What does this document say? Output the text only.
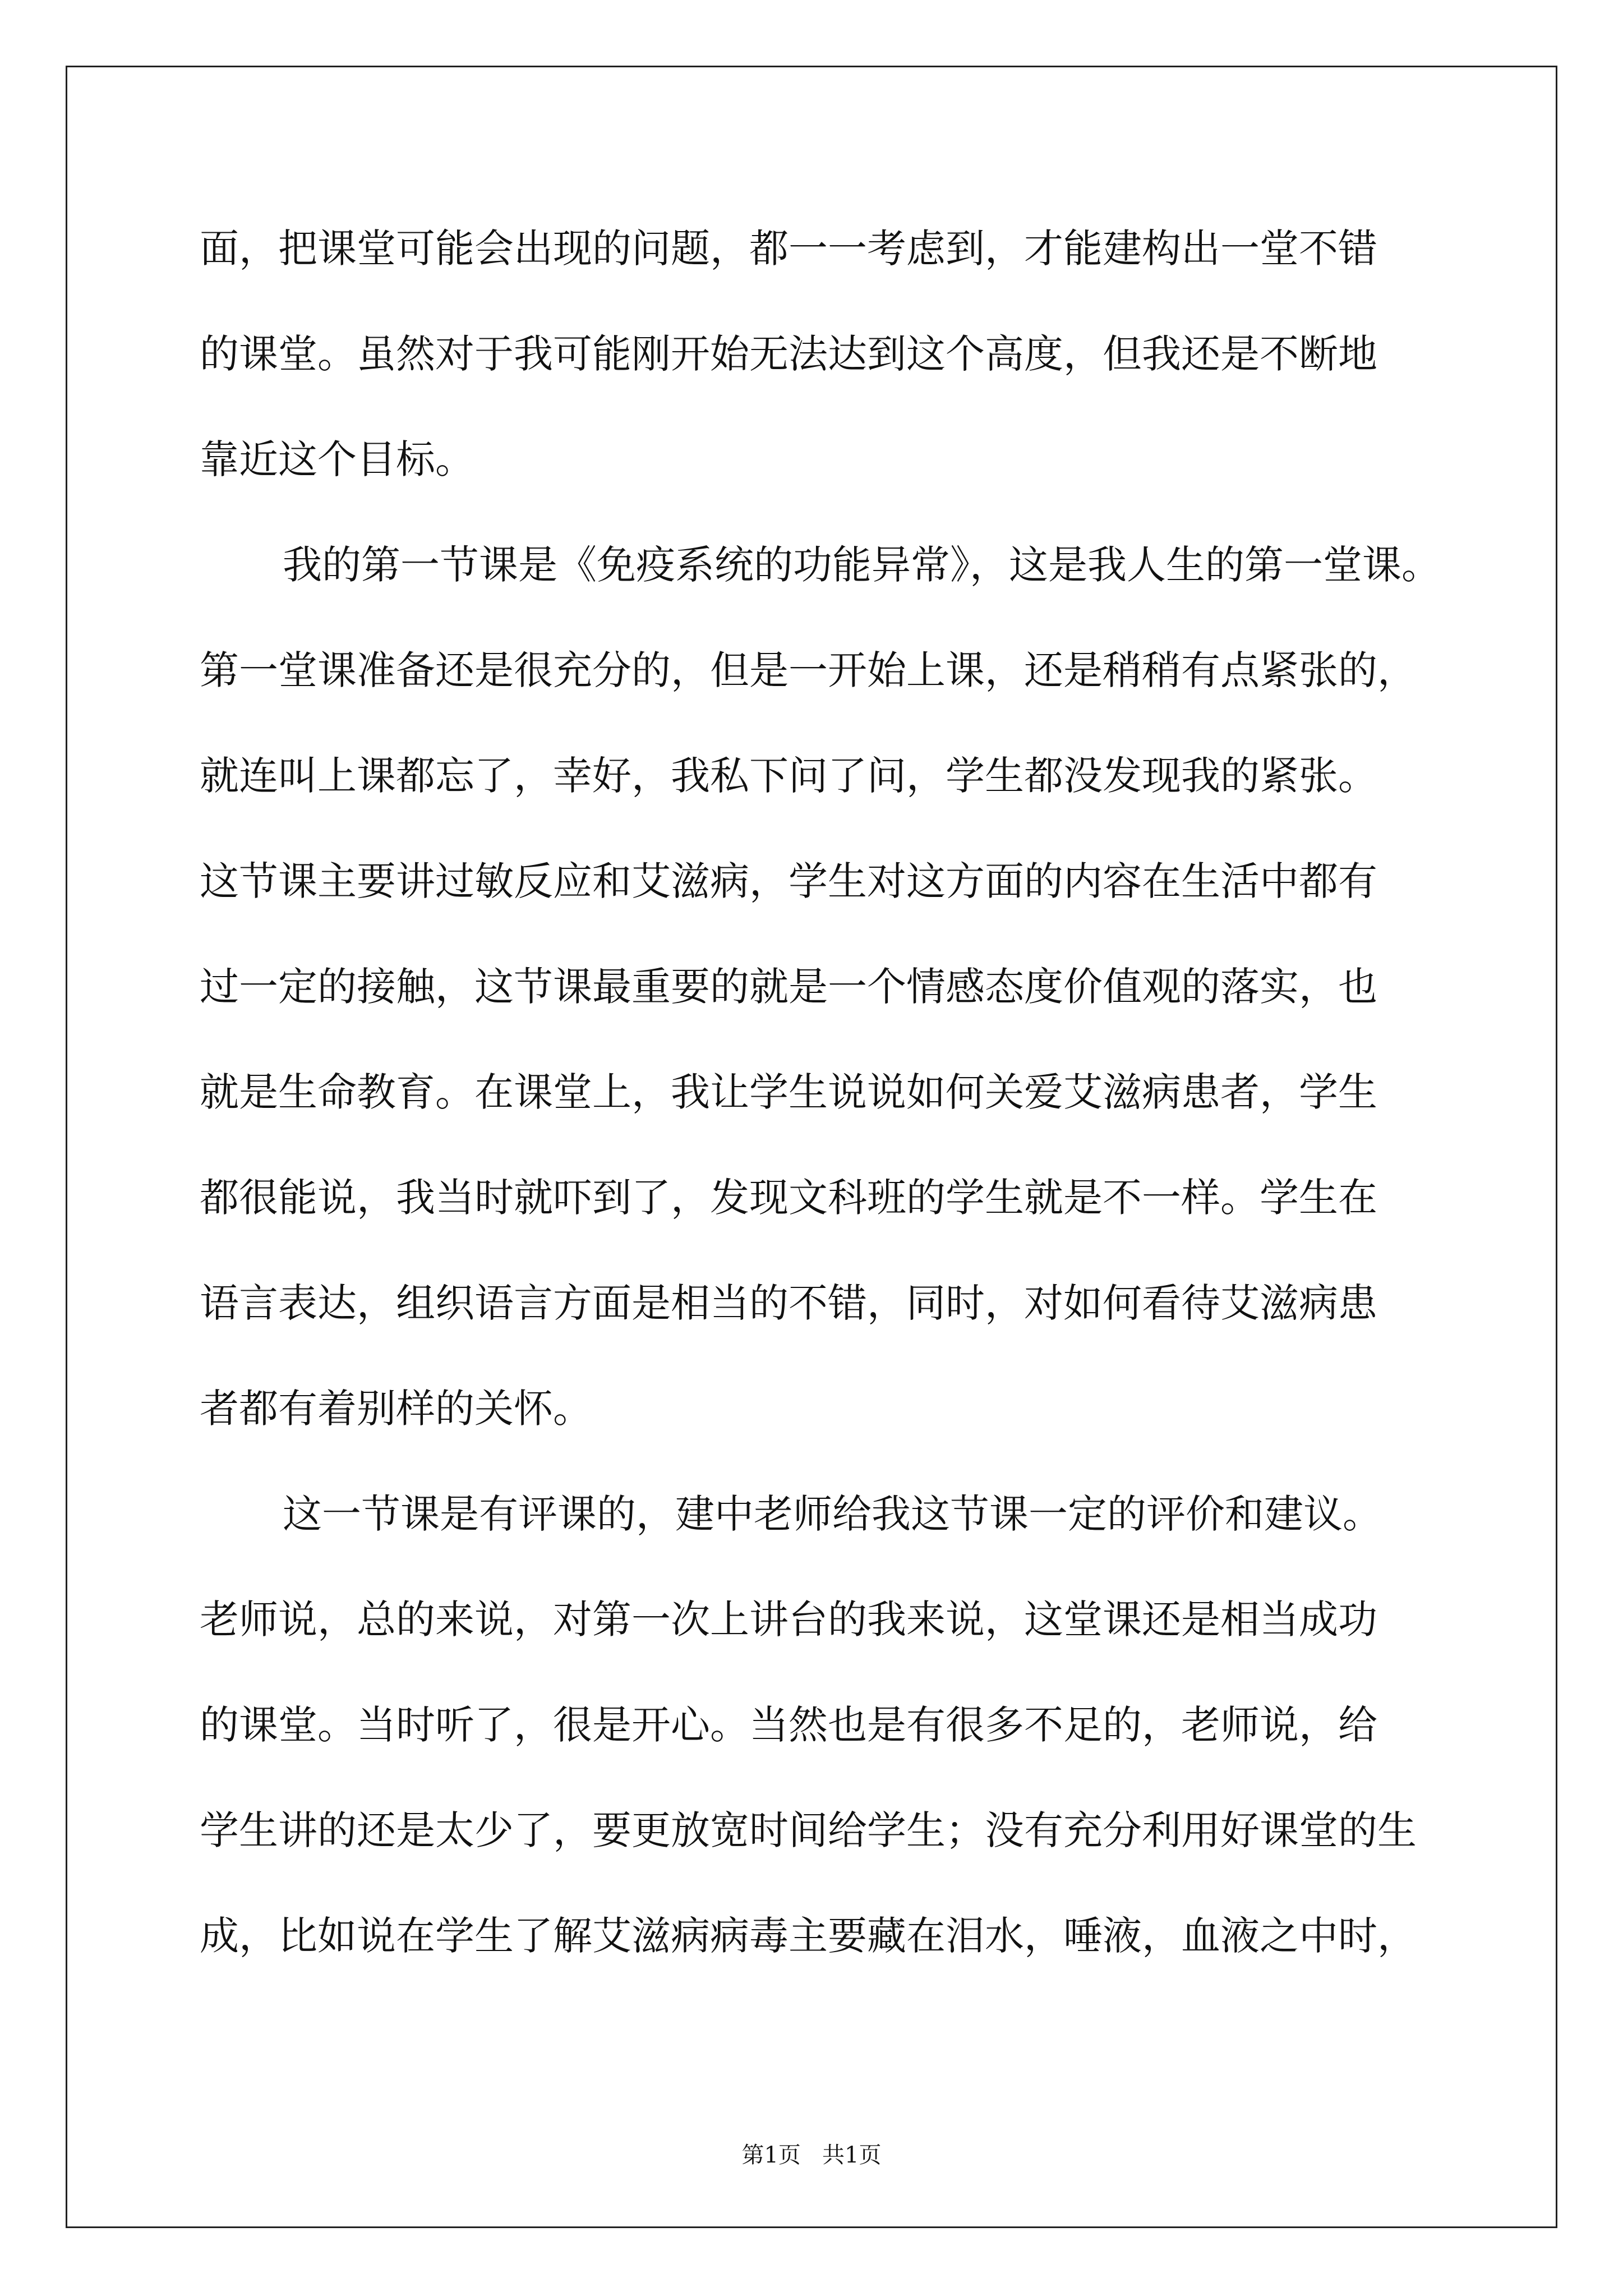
面，把课堂可能会出现的问题，都一一考虑到，才能建构出一堂不错
的课堂。虽然对于我可能刚开始无法达到这个高度，但我还是不断地
靠近这个目标。
我的第一节课是《免疫系统的功能异常》，这是我人生的第一堂课。
第一堂课准备还是很充分的，但是一开始上课，还是稍稍有点紧张的，
就连叫上课都忘了，幸好，我私下问了问，学生都没发现我的紧张。
这节课主要讲过敏反应和艾滋病，学生对这方面的内容在生活中都有
过一定的接触，这节课最重要的就是一个情感态度价值观的落实，也
就是生命教育。在课堂上，我让学生说说如何关爱艾滋病患者，学生
都很能说，我当时就吓到了，发现文科班的学生就是不一样。学生在
语言表达，组织语言方面是相当的不错，同时，对如何看待艾滋病患
者都有着别样的关怀。
这一节课是有评课的，建中老师给我这节课一定的评价和建议。
老师说，总的来说，对第一次上讲台的我来说，这堂课还是相当成功
的课堂。当时听了，很是开心。当然也是有很多不足的，老师说，给
学生讲的还是太少了，要更放宽时间给学生；没有充分利用好课堂的生
成，比如说在学生了解艾滋病病毒主要藏在泪水，唾液，血液之中时，
第1页   共1页
